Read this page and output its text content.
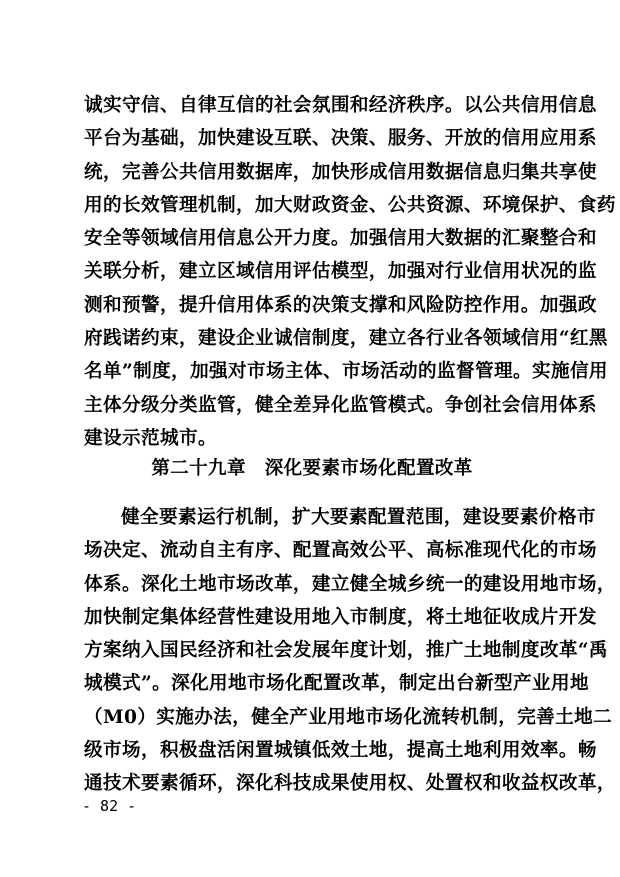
诚实守信、自律互信的社会氛围和经济秩序。以公共信用信息
平台为基础，加快建设互联、决策、服务、开放的信用应用系
统，完善公共信用数据库，加快形成信用数据信息归集共享使
用的长效管理机制，加大财政资金、公共资源、环境保护、食药
安全等领域信用信息公开力度。加强信用大数据的汇聚整合和
关联分析，建立区域信用评估模型，加强对行业信用状况的监
测和预警，提升信用体系的决策支撑和风险防控作用。加强政
府践诺约束，建设企业诚信制度，建立各行业各领域信用“红黑
名单”制度，加强对市场主体、市场活动的监督管理。实施信用
主体分级分类监管，健全差异化监管模式。争创社会信用体系
建设示范城市。
第二十九章　深化要素市场化配置改革
健全要素运行机制，扩大要素配置范围，建设要素价格市
场决定、流动自主有序、配置高效公平、高标准现代化的市场
体系。深化土地市场改革，建立健全城乡统一的建设用地市场，
加快制定集体经营性建设用地入市制度，将土地征收成片开发
方案纳入国民经济和社会发展年度计划，推广土地制度改革“禹
城模式”。深化用地市场化配置改革，制定出台新型产业用地
（M0）实施办法，健全产业用地市场化流转机制，完善土地二
级市场，积极盘活闲置城镇低效土地，提高土地利用效率。畅
通技术要素循环，深化科技成果使用权、处置权和收益权改革，
- 82 -
